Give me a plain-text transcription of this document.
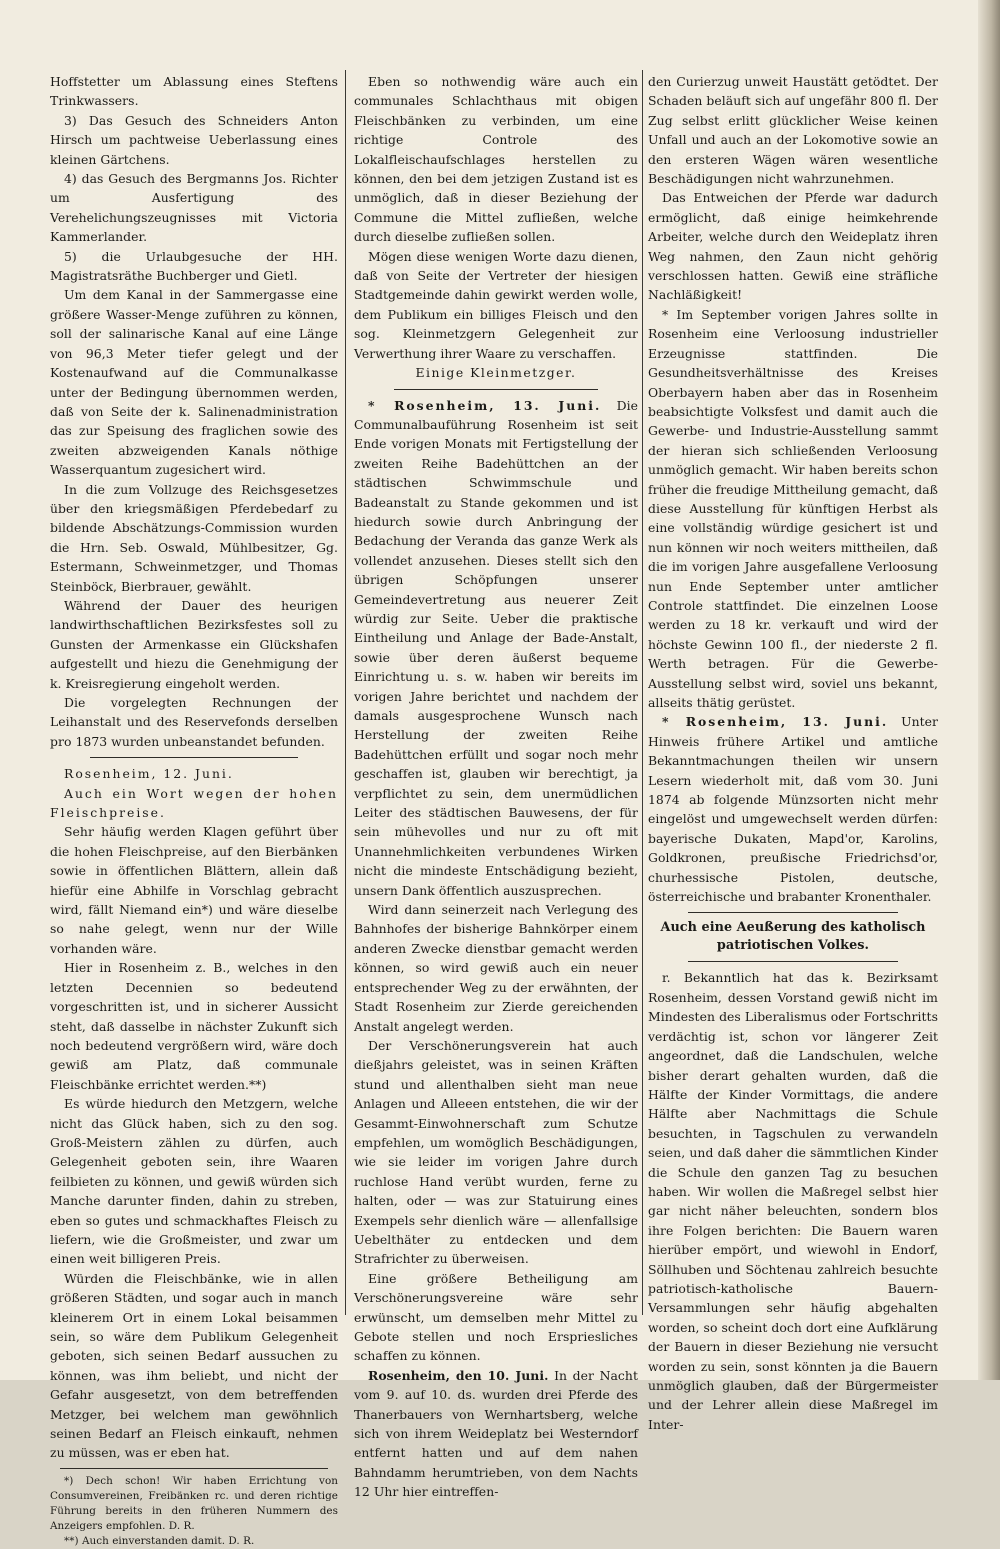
Hoffstetter um Ablassung eines Steftens Trinkwassers.

3) Das Gesuch des Schneiders Anton Hirsch um pachtweise Ueberlassung eines kleinen Gärtchens.

4) das Gesuch des Bergmanns Jos. Richter um Ausfertigung des Verehelichungszeugnisses mit Victoria Kammerlander.

5) die Urlaubgesuche der HH. Magistratsräthe Buchberger und Gietl.

Um dem Kanal in der Sammergasse eine größere Wasser-Menge zuführen zu können, soll der salinarische Kanal auf eine Länge von 96,3 Meter tiefer gelegt und der Kostenaufwand auf die Communalkasse unter der Bedingung übernommen werden, daß von Seite der k. Salinenadministration das zur Speisung des fraglichen sowie des zweiten abzweigenden Kanals nöthige Wasserquantum zugesichert wird.

In die zum Vollzuge des Reichsgesetzes über den kriegsmäßigen Pferdebedarf zu bildende Abschätzungs-Commission wurden die Hrn. Seb. Oswald, Mühlbesitzer, Gg. Estermann, Schweinmetzger, und Thomas Steinböck, Bierbrauer, gewählt.

Während der Dauer des heurigen landwirthschaftlichen Bezirksfestes soll zu Gunsten der Armenkasse ein Glückshafen aufgestellt und hiezu die Genehmigung der k. Kreisregierung eingeholt werden.

Die vorgelegten Rechnungen der Leihanstalt und des Reservefonds derselben pro 1873 wurden unbeanstandet befunden.

Rosenheim, 12. Juni.

Auch ein Wort wegen der hohen Fleischpreise.

Sehr häufig werden Klagen geführt über die hohen Fleischpreise, auf den Bierbänken sowie in öffentlichen Blättern, allein daß hiefür eine Abhilfe in Vorschlag gebracht wird, fällt Niemand ein*) und wäre dieselbe so nahe gelegt, wenn nur der Wille vorhanden wäre.

Hier in Rosenheim z. B., welches in den letzten Decennien so bedeutend vorgeschritten ist, und in sicherer Aussicht steht, daß dasselbe in nächster Zukunft sich noch bedeutend vergrößern wird, wäre doch gewiß am Platz, daß communale Fleischbänke errichtet werden.**)

Es würde hiedurch den Metzgern, welche nicht das Glück haben, sich zu den sog. Groß-Meistern zählen zu dürfen, auch Gelegenheit geboten sein, ihre Waaren feilbieten zu können, und gewiß würden sich Manche darunter finden, dahin zu streben, eben so gutes und schmackhaftes Fleisch zu liefern, wie die Großmeister, und zwar um einen weit billigeren Preis.

Würden die Fleischbänke, wie in allen größeren Städten, und sogar auch in manch kleinerem Ort in einem Lokal beisammen sein, so wäre dem Publikum Gelegenheit geboten, sich seinen Bedarf aussuchen zu können, was ihm beliebt, und nicht der Gefahr ausgesetzt, von dem betreffenden Metzger, bei welchem man gewöhnlich seinen Bedarf an Fleisch einkauft, nehmen zu müssen, was er eben hat.

*) Dech schon! Wir haben Errichtung von Consumvereinen, Freibänken rc. und deren richtige Führung bereits in den früheren Nummern des Anzeigers empfohlen. D. R.

**) Auch einverstanden damit. D. R.

Eben so nothwendig wäre auch ein communales Schlachthaus mit obigen Fleischbänken zu verbinden, um eine richtige Controle des Lokalfleischaufschlages herstellen zu können, den bei dem jetzigen Zustand ist es unmöglich, daß in dieser Beziehung der Commune die Mittel zufließen, welche durch dieselbe zufließen sollen.

Mögen diese wenigen Worte dazu dienen, daß von Seite der Vertreter der hiesigen Stadtgemeinde dahin gewirkt werden wolle, dem Publikum ein billiges Fleisch und den sog. Kleinmetzgern Gelegenheit zur Verwerthung ihrer Waare zu verschaffen.

Einige Kleinmetzger.

* Rosenheim, 13. Juni. Die Communalbauführung Rosenheim ist seit Ende vorigen Monats mit Fertigstellung der zweiten Reihe Badehüttchen an der städtischen Schwimmschule und Badeanstalt zu Stande gekommen und ist hiedurch sowie durch Anbringung der Bedachung der Veranda das ganze Werk als vollendet anzusehen. Dieses stellt sich den übrigen Schöpfungen unserer Gemeindevertretung aus neuerer Zeit würdig zur Seite. Ueber die praktische Eintheilung und Anlage der Bade-Anstalt, sowie über deren äußerst bequeme Einrichtung u. s. w. haben wir bereits im vorigen Jahre berichtet und nachdem der damals ausgesprochene Wunsch nach Herstellung der zweiten Reihe Badehüttchen erfüllt und sogar noch mehr geschaffen ist, glauben wir berechtigt, ja verpflichtet zu sein, dem unermüdlichen Leiter des städtischen Bauwesens, der für sein mühevolles und nur zu oft mit Unannehmlichkeiten verbundenes Wirken nicht die mindeste Entschädigung bezieht, unsern Dank öffentlich auszusprechen.

Wird dann seinerzeit nach Verlegung des Bahnhofes der bisherige Bahnkörper einem anderen Zwecke dienstbar gemacht werden können, so wird gewiß auch ein neuer entsprechender Weg zu der erwähnten, der Stadt Rosenheim zur Zierde gereichenden Anstalt angelegt werden.

Der Verschönerungsverein hat auch dießjahrs geleistet, was in seinen Kräften stund und allenthalben sieht man neue Anlagen und Alleeen entstehen, die wir der Gesammt-Einwohnerschaft zum Schutze empfehlen, um womöglich Beschädigungen, wie sie leider im vorigen Jahre durch ruchlose Hand verübt wurden, ferne zu halten, oder — was zur Statuirung eines Exempels sehr dienlich wäre — allenfallsige Uebelthäter zu entdecken und dem Strafrichter zu überweisen.

Eine größere Betheiligung am Verschönerungsvereine wäre sehr erwünscht, um demselben mehr Mittel zu Gebote stellen und noch Erspriesliches schaffen zu können.

Rosenheim, den 10. Juni. In der Nacht vom 9. auf 10. ds. wurden drei Pferde des Thanerbauers von Wernhartsberg, welche sich von ihrem Weideplatz bei Westerndorf entfernt hatten und auf dem nahen Bahndamm herumtrieben, von dem Nachts 12 Uhr hier eintreffen-

den Curierzug unweit Haustätt getödtet. Der Schaden beläuft sich auf ungefähr 800 fl. Der Zug selbst erlitt glücklicher Weise keinen Unfall und auch an der Lokomotive sowie an den ersteren Wägen wären wesentliche Beschädigungen nicht wahrzunehmen.

Das Entweichen der Pferde war dadurch ermöglicht, daß einige heimkehrende Arbeiter, welche durch den Weideplatz ihren Weg nahmen, den Zaun nicht gehörig verschlossen hatten. Gewiß eine sträfliche Nachläßigkeit!

* Im September vorigen Jahres sollte in Rosenheim eine Verloosung industrieller Erzeugnisse stattfinden. Die Gesundheitsverhältnisse des Kreises Oberbayern haben aber das in Rosenheim beabsichtigte Volksfest und damit auch die Gewerbe- und Industrie-Ausstellung sammt der hieran sich schließenden Verloosung unmöglich gemacht. Wir haben bereits schon früher die freudige Mittheilung gemacht, daß diese Ausstellung für künftigen Herbst als eine vollständig würdige gesichert ist und nun können wir noch weiters mittheilen, daß die im vorigen Jahre ausgefallene Verloosung nun Ende September unter amtlicher Controle stattfindet. Die einzelnen Loose werden zu 18 kr. verkauft und wird der höchste Gewinn 100 fl., der niederste 2 fl. Werth betragen. Für die Gewerbe-Ausstellung selbst wird, soviel uns bekannt, allseits thätig gerüstet.

* Rosenheim, 13. Juni. Unter Hinweis frühere Artikel und amtliche Bekanntmachungen theilen wir unsern Lesern wiederholt mit, daß vom 30. Juni 1874 ab folgende Münzsorten nicht mehr eingelöst und umgewechselt werden dürfen: bayerische Dukaten, Mapd'or, Karolins, Goldkronen, preußische Friedrichsd'or, churhessische Pistolen, deutsche, österreichische und brabanter Kronenthaler.

Auch eine Aeußerung des katholisch patriotischen Volkes.

r. Bekanntlich hat das k. Bezirksamt Rosenheim, dessen Vorstand gewiß nicht im Mindesten des Liberalismus oder Fortschritts verdächtig ist, schon vor längerer Zeit angeordnet, daß die Landschulen, welche bisher derart gehalten wurden, daß die Hälfte der Kinder Vormittags, die andere Hälfte aber Nachmittags die Schule besuchten, in Tagschulen zu verwandeln seien, und daß daher die sämmtlichen Kinder die Schule den ganzen Tag zu besuchen haben. Wir wollen die Maßregel selbst hier gar nicht näher beleuchten, sondern blos ihre Folgen berichten: Die Bauern waren hierüber empört, und wiewohl in Endorf, Söllhuben und Söchtenau zahlreich besuchte patriotisch-katholische Bauern-Versammlungen sehr häufig abgehalten worden, so scheint doch dort eine Aufklärung der Bauern in dieser Beziehung nie versucht worden zu sein, sonst könnten ja die Bauern unmöglich glauben, daß der Bürgermeister und der Lehrer allein diese Maßregel im Inter-
